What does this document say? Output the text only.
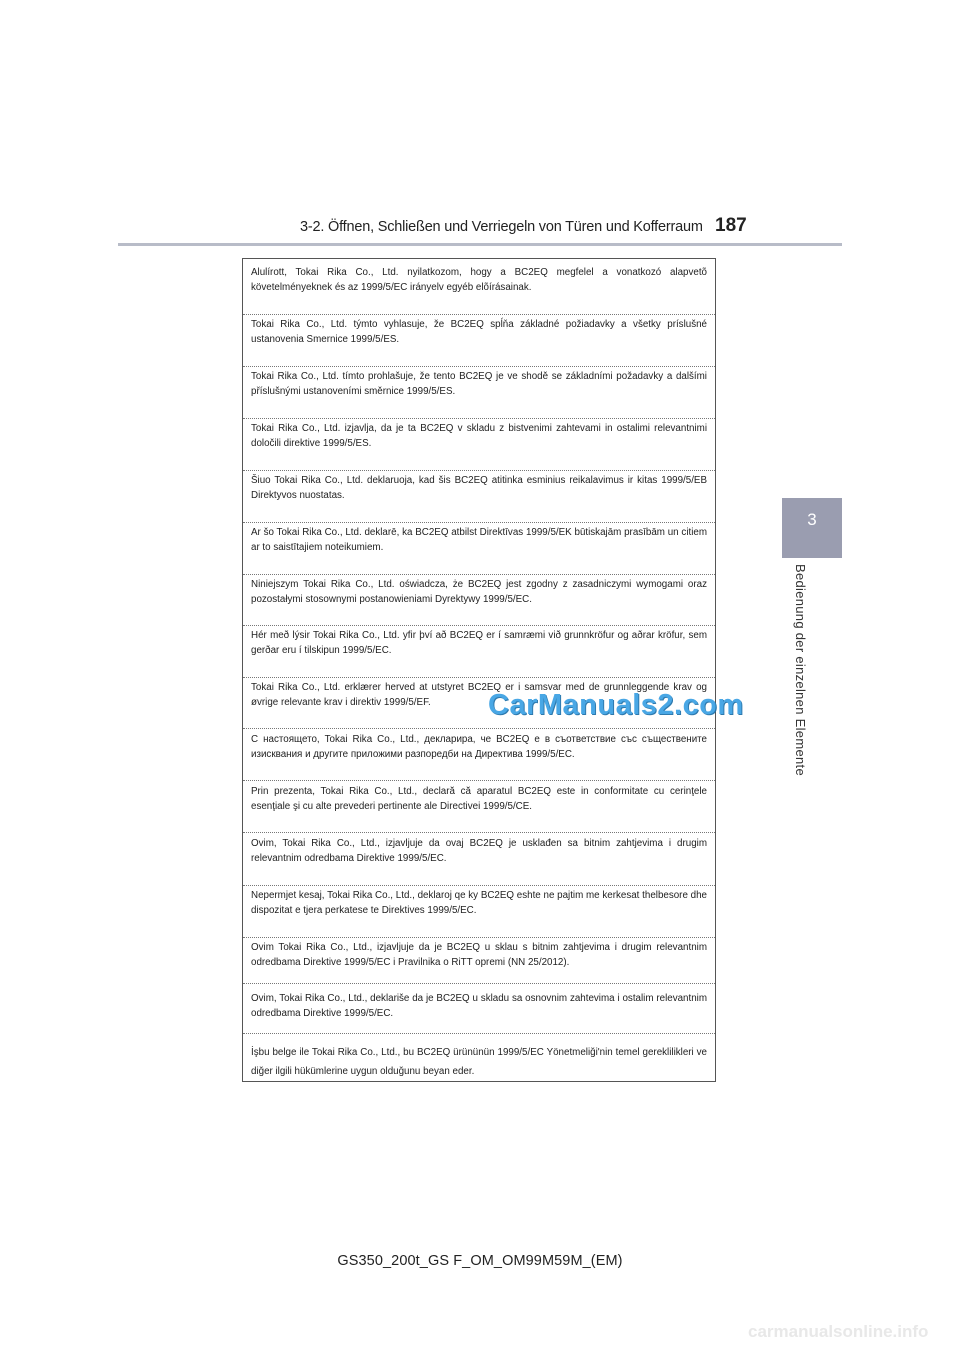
3-2. Öffnen, Schließen und Verriegeln von Türen und Kofferraum 187
3
Bedienung der einzelnen Elemente
Alulírott, Tokai Rika Co., Ltd. nyilatkozom, hogy a BC2EQ megfelel a vonatkozó alapvetõ követelményeknek és az 1999/5/EC irányelv egyéb elõírásainak.
Tokai Rika Co., Ltd. týmto vyhlasuje, že BC2EQ spĺňa základné požiadavky a všetky príslušné ustanovenia Smernice 1999/5/ES.
Tokai Rika Co., Ltd. tímto prohlašuje, že tento BC2EQ je ve shodě se základními požadavky a dalšími příslušnými ustanoveními směrnice 1999/5/ES.
Tokai Rika Co., Ltd. izjavlja, da je ta BC2EQ v skladu z bistvenimi zahtevami in ostalimi relevantnimi določili direktive 1999/5/ES.
Šiuo Tokai Rika Co., Ltd. deklaruoja, kad šis BC2EQ atitinka esminius reikalavimus ir kitas 1999/5/EB Direktyvos nuostatas.
Ar šo Tokai Rika Co., Ltd. deklarē, ka BC2EQ atbilst Direktīvas 1999/5/EK būtiskajām prasībām un citiem ar to saistītajiem noteikumiem.
Niniejszym Tokai Rika Co., Ltd. oświadcza, że BC2EQ jest zgodny z zasadniczymi wymogami oraz pozostałymi stosownymi postanowieniami Dyrektywy 1999/5/EC.
Hér með lýsir Tokai Rika Co., Ltd. yfir því að BC2EQ er í samræmi við grunnkröfur og aðrar kröfur, sem gerðar eru í tilskipun 1999/5/EC.
Tokai Rika Co., Ltd. erklærer herved at utstyret BC2EQ er i samsvar med de grunnleggende krav og øvrige relevante krav i direktiv 1999/5/EF.
С настоящето, Tokai Rika Co., Ltd., декларира, че BC2EQ е в съответствие със съществените изисквания и другите приложими разпоредби на Директива 1999/5/ЕС.
Prin prezenta, Tokai Rika Co., Ltd., declară că aparatul BC2EQ este in conformitate cu cerinţele esenţiale şi cu alte prevederi pertinente ale Directivei 1999/5/CE.
Ovim, Tokai Rika Co., Ltd., izjavljuje da ovaj BC2EQ je usklađen sa bitnim zahtjevima i drugim relevantnim odredbama Direktive 1999/5/EC.
Nepermjet kesaj, Tokai Rika Co., Ltd., deklaroj qe ky BC2EQ eshte ne pajtim me kerkesat thelbesore dhe dispozitat e tjera perkatese te Direktives 1999/5/EC.
Ovim Tokai Rika Co., Ltd., izjavljuje da je BC2EQ u sklau s bitnim zahtjevima i drugim relevantnim odredbama Direktive 1999/5/EC i Pravilnika o RiTT opremi (NN 25/2012).
Ovim, Tokai Rika Co., Ltd., deklariše da je BC2EQ u skladu sa osnovnim zahtevima i ostalim relevantnim odredbama Direktive 1999/5/EC.
İşbu belge ile Tokai Rika Co., Ltd., bu BC2EQ ürününün 1999/5/EC Yönetmeliği'nin temel gereklilikleri ve diğer ilgili hükümlerine uygun olduğunu beyan eder.
CarManuals2.com
GS350_200t_GS F_OM_OM99M59M_(EM)
carmanualsonline.info
